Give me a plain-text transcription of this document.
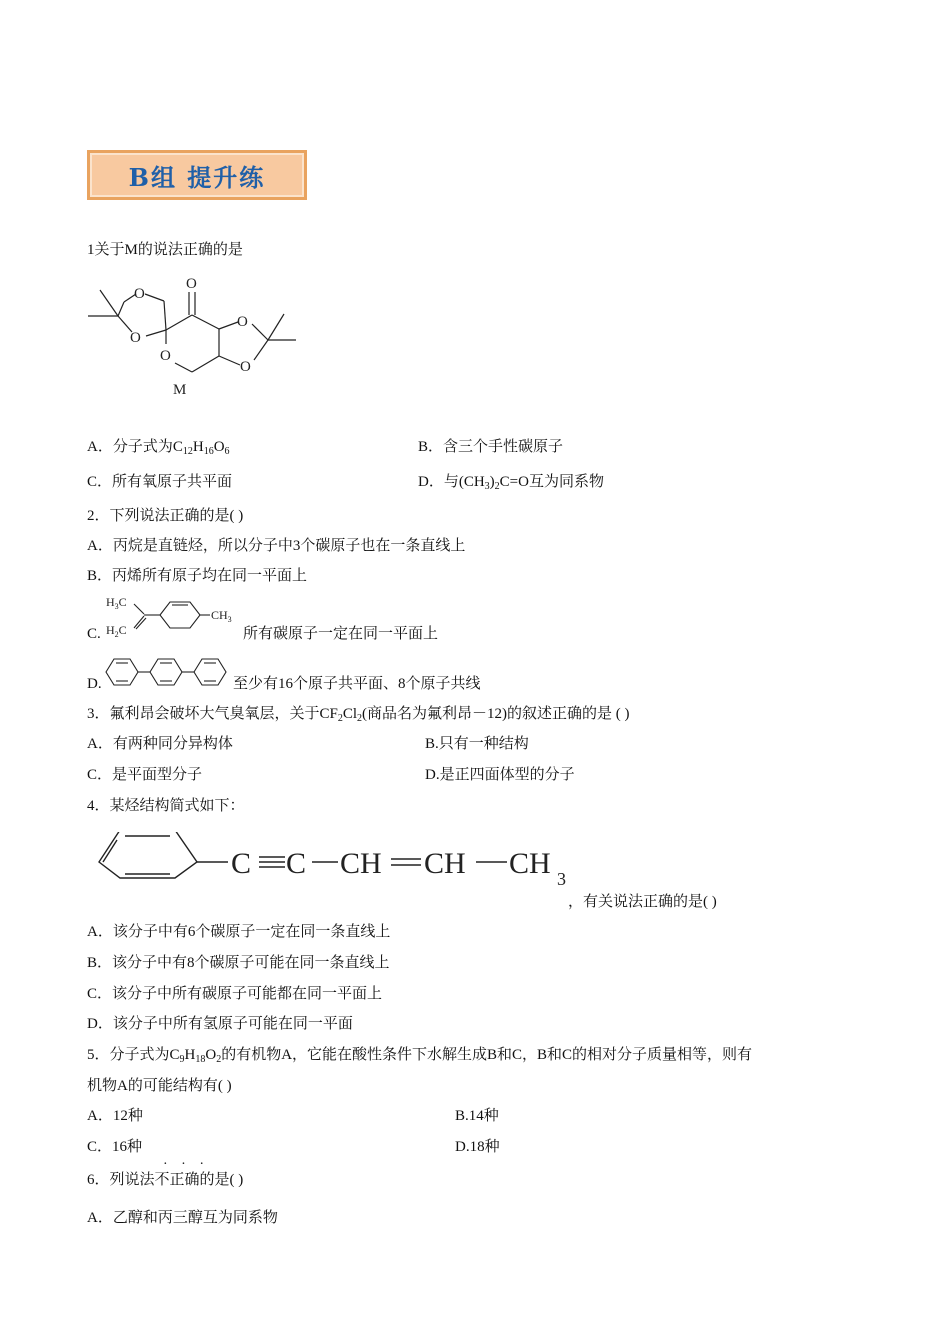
B组 提升练
1关于M的说法正确的是
O
O
O
O
O
O
M
A．分子式为$C_{12}H_{16}O_6$	B．含三个手性碳原子
C．所有氧原子共平面	D．与$(CH_3)_2C=O$互为同系物
2．下列说法正确的是( )
A．丙烷是直链烃，所以分子中3个碳原子也在一条直线上
B．丙烯所有原子均在同一平面上
$H_3C$
$H_2C$
$CH_3$
C.	所有碳原子一定在同一平面上
D.	至少有16个原子共平面、8个原子共线
3．氟利昂会破坏大气臭氧层，关于$CF_2Cl_2$(商品名为氟利昂－12)的叙述正确的是 ( )
A．有两种同分异构体	B.只有一种结构
C．是平面型分子	D.是正四面体型的分子
4．某烃结构简式如下：
C C CH CH CH 3
，有关说法正确的是( )
A．该分子中有6个碳原子一定在同一条直线上
B．该分子中有8个碳原子可能在同一条直线上
C．该分子中所有碳原子可能都在同一平面上
D．该分子中所有氢原子可能在同一平面
5．分子式为$C_9H_{18}O_2$的有机物A，它能在酸性条件下水解生成B和C，B和C的相对分子质量相等，则有
机物A的可能结构有( )
A．12种	B.14种
C．16种	D.18种
· · ·
6．列说法不正确的是( )
A．乙醇和丙三醇互为同系物
